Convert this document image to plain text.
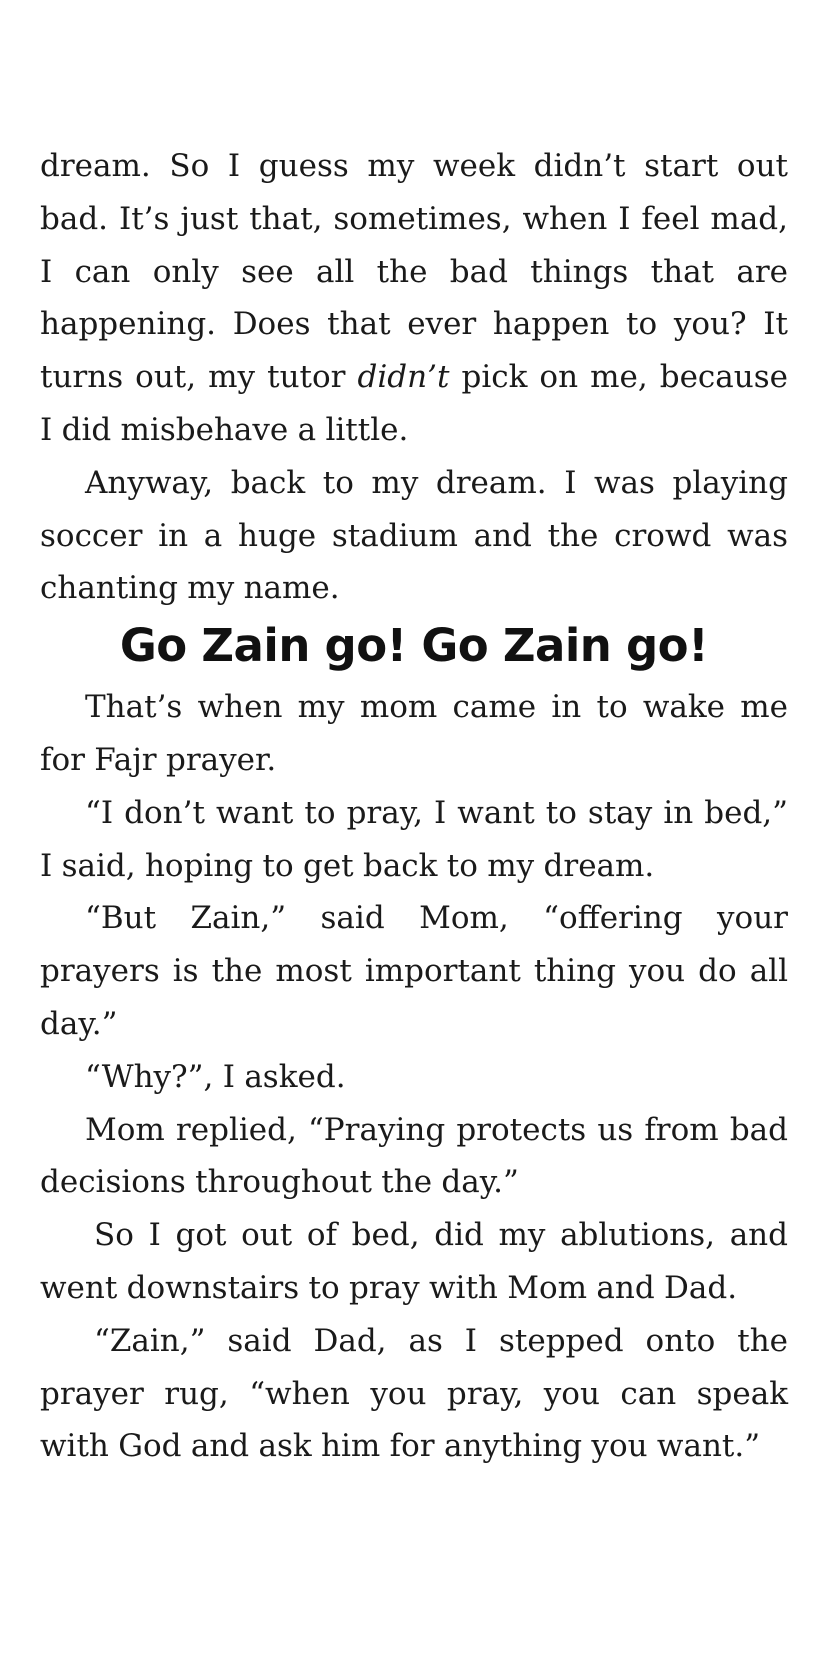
dream. So I guess my week didn’t start out bad. It’s just that, sometimes, when I feel mad, I can only see all the bad things that are happening. Does that ever happen to you? It turns out, my tutor didn’t pick on me, because I did misbehave a little.

Anyway, back to my dream. I was playing soccer in a huge stadium and the crowd was chanting my name.

Go Zain go! Go Zain go!

That’s when my mom came in to wake me for Fajr prayer.

“I don’t want to pray, I want to stay in bed,” I said, hoping to get back to my dream.

“But Zain,” said Mom, “offering your prayers is the most important thing you do all day.”

“Why?”, I asked.

Mom replied, “Praying protects us from bad decisions throughout the day.”

So I got out of bed, did my ablutions, and went downstairs to pray with Mom and Dad.

“Zain,” said Dad, as I stepped onto the prayer rug, “when you pray, you can speak with God and ask him for anything you want.”
